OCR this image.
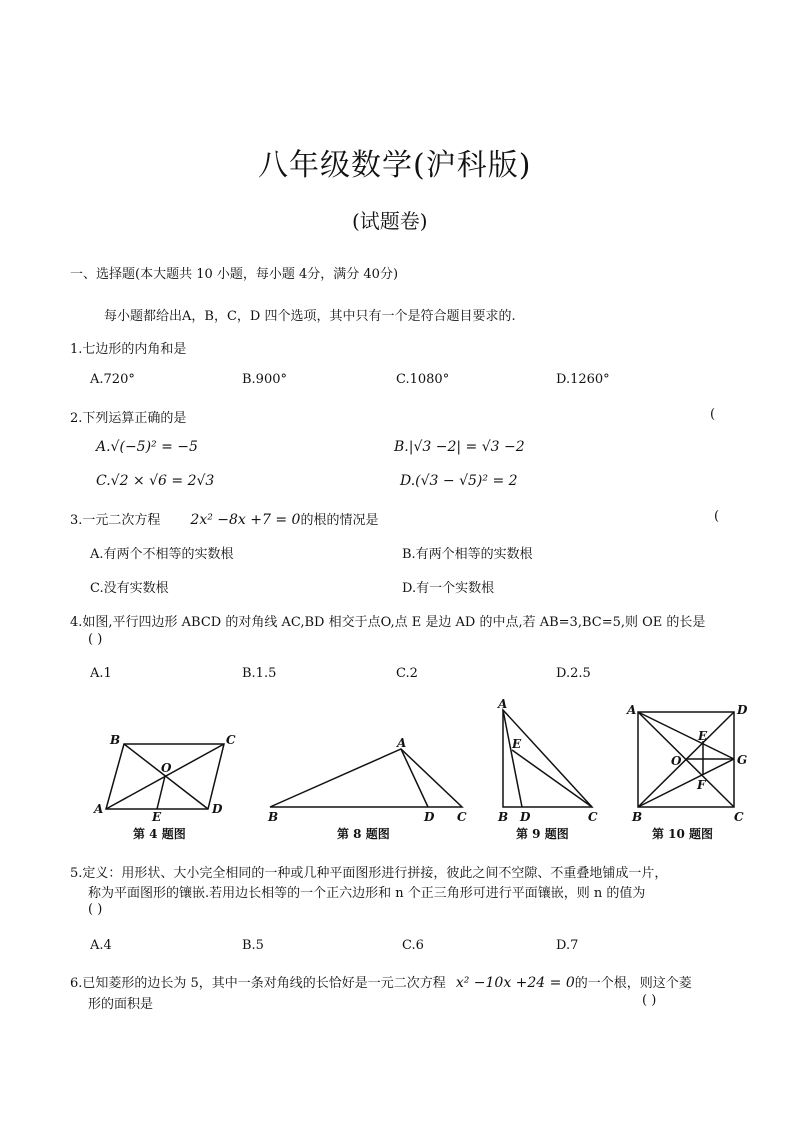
八年级数学(沪科版)
(试题卷)
一、选择题(本大题共 10 小题，每小题 4分，满分 40分)
每小题都给出A，B，C，D 四个选项，其中只有一个是符合题目要求的.
1.七边形的内角和是
A.720°	B.900°	C.1080°	D.1260°
2.下列运算正确的是	(
A.√(−5)² = −5	B.|√3 −2| = √3 −2
C.√2 × √6 = 2√3	D.(√3 − √5)² = 2
3.一元二次方程 2x² −8x +7 = 0的根的情况是	(
A.有两个不相等的实数根	B.有两个相等的实数根
C.没有实数根	D.有一个实数根
4.如图,平行四边形 ABCD 的对角线 AC,BD 相交于点O,点 E 是边 AD 的中点,若 AB=3,BC=5,则 OE 的长是
( )
A.1	B.1.5	C.2	D.2.5
B	C
O
A
E
D
第 4 题图
A
B	D C
第 8 题图
A
E
B D	C
第 9 题图
A	D
E
O	G
F
B	C
第 10 题图
5.定义：用形状、大小完全相同的一种或几种平面图形进行拼接，彼此之间不空隙、不重叠地铺成一片，
称为平面图形的镶嵌.若用边长相等的一个正六边形和 n 个正三角形可进行平面镶嵌，则 n 的值为
( )
A.4	B.5	C.6	D.7
6.已知菱形的边长为 5，其中一条对角线的长恰好是一元二次方程 x² −10x +24 = 0的一个根，则这个菱
形的面积是	( )
